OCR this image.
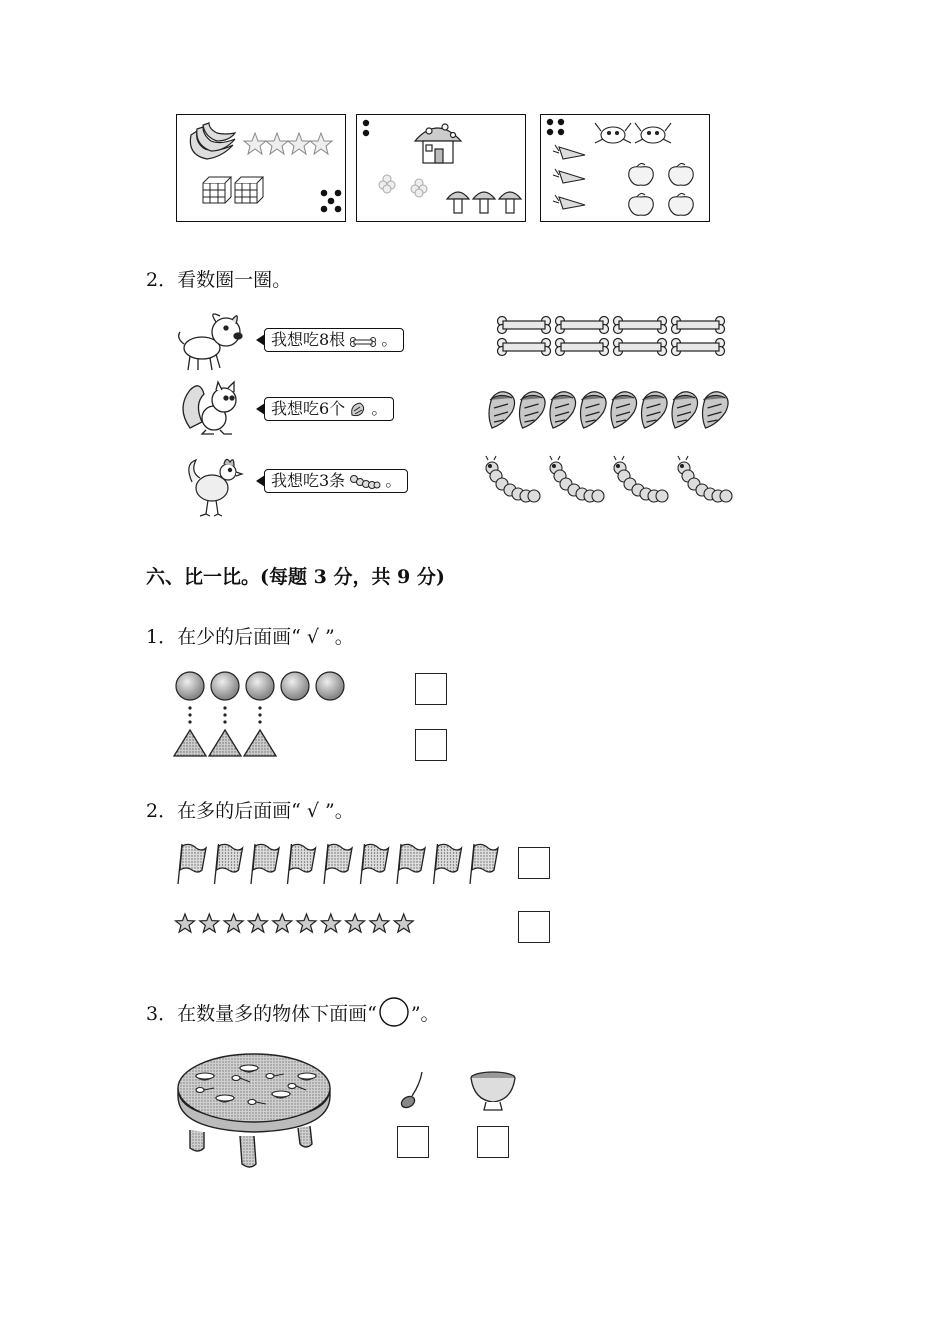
2．看数圈一圈。
我想吃8根 。
我想吃6个 。
我想吃3条	。
六、比一比。(每题 3 分，共 9 分)
1．在少的后面画“ √ ”。
2．在多的后面画“ √ ”。
3．在数量多的物体下面画“○”。
